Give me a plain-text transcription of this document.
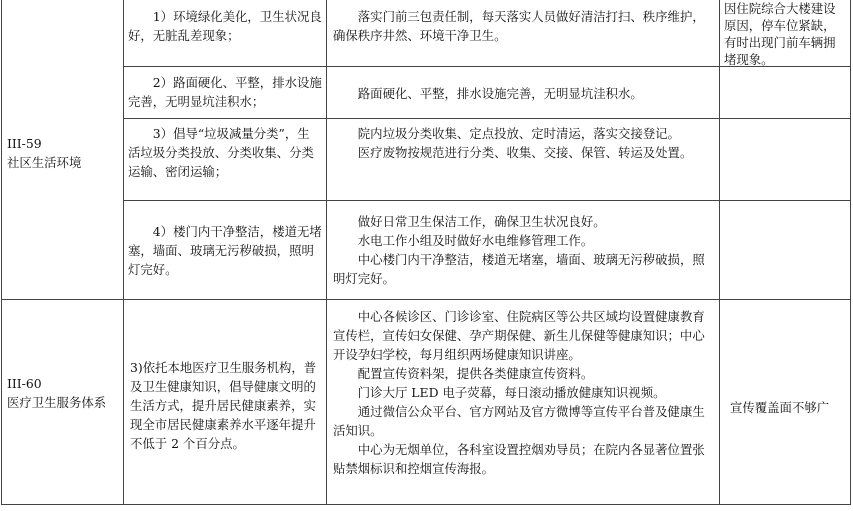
III-59

社区生活环境

1）环境绿化美化，卫生状况良好，无脏乱差现象；

落实门前三包责任制，每天落实人员做好清洁打扫、秩序维护，确保秩序井然、环境干净卫生。

因住院综合大楼建设原因，停车位紧缺，有时出现门前车辆拥堵现象。

2）路面硬化、平整，排水设施完善，无明显坑洼积水；

路面硬化、平整，排水设施完善，无明显坑洼积水。

3）倡导“垃圾减量分类”，生活垃圾分类投放、分类收集、分类运输、密闭运输；

院内垃圾分类收集、定点投放、定时清运，落实交接登记。

医疗废物按规范进行分类、收集、交接、保管、转运及处置。

4）楼门内干净整洁，楼道无堵塞，墙面、玻璃无污秽破损，照明灯完好。

做好日常卫生保洁工作，确保卫生状况良好。

水电工作小组及时做好水电维修管理工作。

中心楼门内干净整洁，楼道无堵塞，墙面、玻璃无污秽破损，照明灯完好。

III-60

医疗卫生服务体系

3)依托本地医疗卫生服务机构，普及卫生健康知识，倡导健康文明的生活方式，提升居民健康素养，实现全市居民健康素养水平逐年提升不低于 2 个百分点。

中心各候诊区、门诊诊室、住院病区等公共区域均设置健康教育宣传栏，宣传妇女保健、孕产期保健、新生儿保健等健康知识；中心开设孕妇学校，每月组织两场健康知识讲座。

配置宣传资料架，提供各类健康宣传资料。

门诊大厅 LED 电子荧幕，每日滚动播放健康知识视频。

通过微信公众平台、官方网站及官方微博等宣传平台普及健康生活知识。

中心为无烟单位，各科室设置控烟劝导员；在院内各显著位置张贴禁烟标识和控烟宣传海报。

宣传覆盖面不够广
